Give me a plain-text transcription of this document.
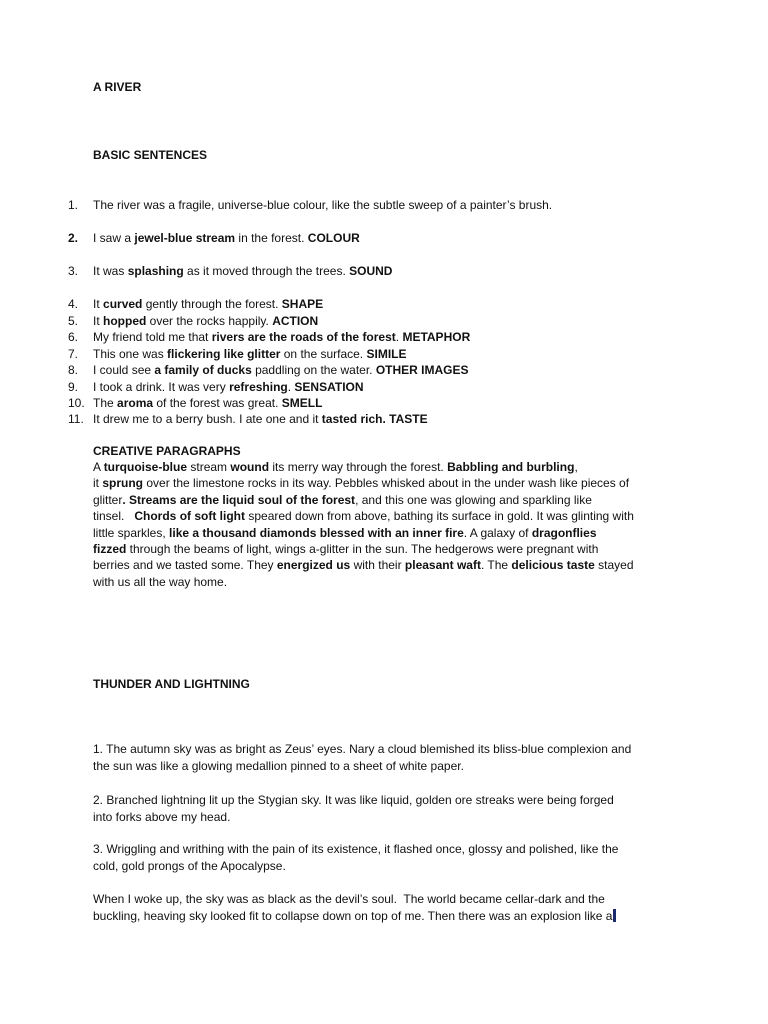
A RIVER
BASIC SENTENCES
1.	The river was a fragile, universe-blue colour, like the subtle sweep of a painter’s brush.
2.	I saw a jewel-blue stream in the forest. COLOUR
3.	It was splashing as it moved through the trees. SOUND
4.	It curved gently through the forest. SHAPE
5.	It hopped over the rocks happily. ACTION
6.	My friend told me that rivers are the roads of the forest. METAPHOR
7.	This one was flickering like glitter on the surface. SIMILE
8.	I could see a family of ducks paddling on the water. OTHER IMAGES
9.	I took a drink. It was very refreshing. SENSATION
10. The aroma of the forest was great. SMELL
11. It drew me to a berry bush. I ate one and it tasted rich. TASTE
CREATIVE PARAGRAPHS
A turquoise-blue stream wound its merry way through the forest. Babbling and burbling,
it sprung over the limestone rocks in its way. Pebbles whisked about in the under wash like pieces of
glitter. Streams are the liquid soul of the forest, and this one was glowing and sparkling like
tinsel.   Chords of soft light speared down from above, bathing its surface in gold. It was glinting with
little sparkles, like a thousand diamonds blessed with an inner fire. A galaxy of dragonflies
fizzed through the beams of light, wings a-glitter in the sun. The hedgerows were pregnant with
berries and we tasted some. They energized us with their pleasant waft. The delicious taste stayed
with us all the way home.
THUNDER AND LIGHTNING
1. The autumn sky was as bright as Zeus’ eyes. Nary a cloud blemished its bliss-blue complexion and
the sun was like a glowing medallion pinned to a sheet of white paper.
2. Branched lightning lit up the Stygian sky. It was like liquid, golden ore streaks were being forged
into forks above my head.
3. Wriggling and writhing with the pain of its existence, it flashed once, glossy and polished, like the
cold, gold prongs of the Apocalypse.
When I woke up, the sky was as black as the devil’s soul.  The world became cellar-dark and the
buckling, heaving sky looked fit to collapse down on top of me. Then there was an explosion like a
